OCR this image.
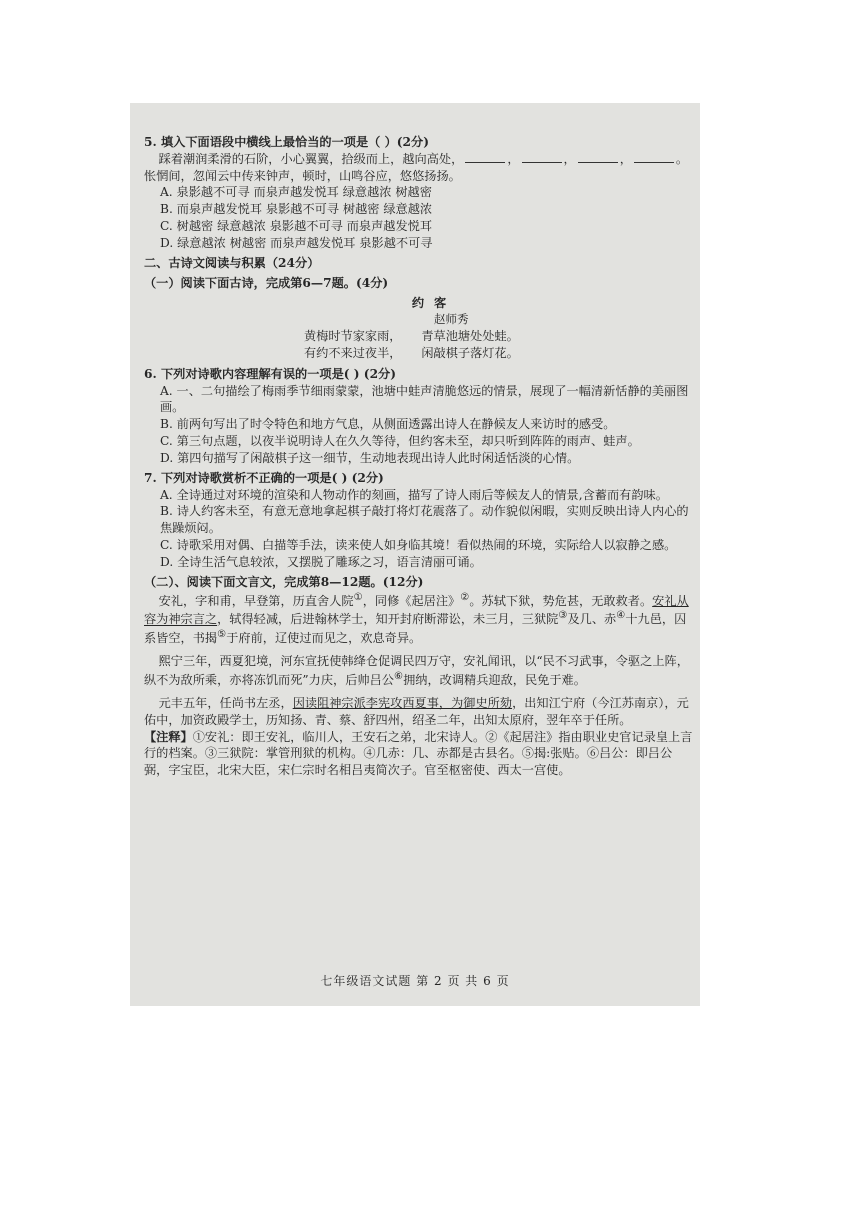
5. 填入下面语段中横线上最恰当的一项是（ ）(2分)

踩着潮润柔滑的石阶，小心翼翼，拾级而上，越向高处，	，	，	，	。怅惘间，忽闻云中传来钟声，顿时，山鸣谷应，悠悠扬扬。

A. 泉影越不可寻 而泉声越发悦耳 绿意越浓 树越密

B. 而泉声越发悦耳 泉影越不可寻 树越密 绿意越浓

C. 树越密 绿意越浓 泉影越不可寻 而泉声越发悦耳

D. 绿意越浓 树越密 而泉声越发悦耳 泉影越不可寻

二、古诗文阅读与积累（24分）

（一）阅读下面古诗，完成第6—7题。(4分)

约客

赵师秀

黄梅时节家家雨， 青草池塘处处蛙。

有约不来过夜半， 闲敲棋子落灯花。

6. 下列对诗歌内容理解有误的一项是( ) (2分)

A. 一、二句描绘了梅雨季节细雨蒙蒙，池塘中蛙声清脆悠远的情景，展现了一幅清新恬静的美丽图画。

B. 前两句写出了时令特色和地方气息，从侧面透露出诗人在静候友人来访时的感受。

C. 第三句点题，以夜半说明诗人在久久等待，但约客未至，却只听到阵阵的雨声、蛙声。

D. 第四句描写了闲敲棋子这一细节，生动地表现出诗人此时闲适恬淡的心情。

7. 下列对诗歌赏析不正确的一项是( ) (2分)

A. 全诗通过对环境的渲染和人物动作的刻画，描写了诗人雨后等候友人的情景,含蓄而有韵味。

B. 诗人约客未至，有意无意地拿起棋子敲打将灯花震落了。动作貌似闲暇，实则反映出诗人内心的焦躁烦闷。

C. 诗歌采用对偶、白描等手法，读来使人如身临其境！看似热闹的环境，实际给人以寂静之感。

D. 全诗生活气息较浓，又摆脱了雕琢之习，语言清丽可诵。

（二）、阅读下面文言文，完成第8—12题。(12分)

安礼，字和甫，早登第，历直舍人院①，同修《起居注》②。苏轼下狱，势危甚，无敢救者。安礼从容为神宗言之，轼得轻减，后进翰林学士，知开封府断滞讼，未三月，三狱院③及几、赤④十九邑，囚系皆空，书揭⑤于府前，辽使过而见之，欢息奇异。

熙宁三年，西夏犯境，河东宣抚使韩绛仓促调民四万守，安礼闻讯，以“民不习武事，令驱之上阵，纵不为敌所乘，亦将冻饥而死”力庆，后帅吕公⑥拥纳，改调精兵迎敌，民免于难。

元丰五年，任尚书左丞，因读阻神宗派李宪攻西夏事，为御史所劾，出知江宁府（今江苏南京），元佑中，加资政殿学士，历知扬、青、蔡、舒四州，绍圣二年，出知太原府，翌年卒于任所。

【注释】①安礼：即王安礼，临川人，王安石之弟，北宋诗人。②《起居注》指由职业史官记录皇上言行的档案。③三狱院：掌管刑狱的机构。④几赤：几、赤都是古县名。⑤揭:张贴。⑥吕公：即吕公弼，字宝臣，北宋大臣，宋仁宗时名相吕夷简次子。官至枢密使、西太一宫使。

七年级语文试题 第 2 页 共 6 页
